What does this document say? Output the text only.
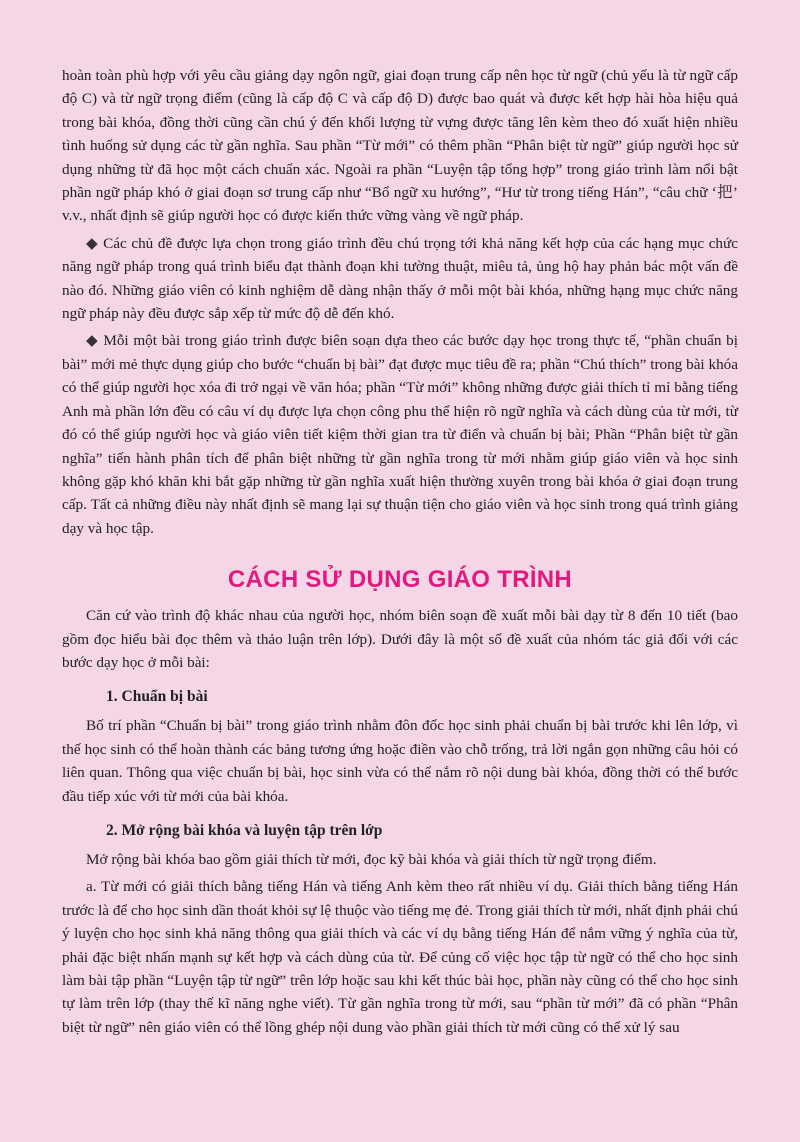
hoàn toàn phù hợp với yêu cầu giảng dạy ngôn ngữ, giai đoạn trung cấp nên học từ ngữ (chủ yếu là từ ngữ cấp độ C) và từ ngữ trọng điểm (cũng là cấp độ C và cấp độ D) được bao quát và được kết hợp hài hòa hiệu quả trong bài khóa, đồng thời cũng cần chú ý đến khối lượng từ vựng được tăng lên kèm theo đó xuất hiện nhiều tình huống sử dụng các từ gần nghĩa. Sau phần “Từ mới” có thêm phần “Phân biệt từ ngữ” giúp người học sử dụng những từ đã học một cách chuẩn xác. Ngoài ra phần “Luyện tập tổng hợp” trong giáo trình làm nổi bật phần ngữ pháp khó ở giai đoạn sơ trung cấp như “Bổ ngữ xu hướng”, “Hư từ trong tiếng Hán”, “câu chữ ‘把’ v.v., nhất định sẽ giúp người học có được kiến thức vững vàng về ngữ pháp.

◆ Các chủ đề được lựa chọn trong giáo trình đều chú trọng tới khả năng kết hợp của các hạng mục chức năng ngữ pháp trong quá trình biểu đạt thành đoạn khi tường thuật, miêu tả, ủng hộ hay phản bác một vấn đề nào đó. Những giáo viên có kinh nghiệm dễ dàng nhận thấy ở mỗi một bài khóa, những hạng mục chức năng ngữ pháp này đều được sắp xếp từ mức độ dễ đến khó.

◆ Mỗi một bài trong giáo trình được biên soạn dựa theo các bước dạy học trong thực tế, “phần chuẩn bị bài” mới mẻ thực dụng giúp cho bước “chuẩn bị bài” đạt được mục tiêu đề ra; phần “Chú thích” trong bài khóa có thể giúp người học xóa đi trở ngại về văn hóa; phần “Từ mới” không những được giải thích tỉ mỉ bằng tiếng Anh mà phần lớn đều có câu ví dụ được lựa chọn công phu thể hiện rõ ngữ nghĩa và cách dùng của từ mới, từ đó có thể giúp người học và giáo viên tiết kiệm thời gian tra từ điển và chuẩn bị bài; Phần “Phân biệt từ gần nghĩa” tiến hành phân tích để phân biệt những từ gần nghĩa trong từ mới nhằm giúp giáo viên và học sinh không gặp khó khăn khi bắt gặp những từ gần nghĩa xuất hiện thường xuyên trong bài khóa ở giai đoạn trung cấp. Tất cả những điều này nhất định sẽ mang lại sự thuận tiện cho giáo viên và học sinh trong quá trình giảng dạy và học tập.

CÁCH SỬ DỤNG GIÁO TRÌNH

Căn cứ vào trình độ khác nhau của người học, nhóm biên soạn đề xuất mỗi bài dạy từ 8 đến 10 tiết (bao gồm đọc hiểu bài đọc thêm và thảo luận trên lớp). Dưới đây là một số đề xuất của nhóm tác giả đối với các bước dạy học ở mỗi bài:

1. Chuẩn bị bài

Bố trí phần “Chuẩn bị bài” trong giáo trình nhằm đôn đốc học sinh phải chuẩn bị bài trước khi lên lớp, vì thế học sinh có thể hoàn thành các bảng tương ứng hoặc điền vào chỗ trống, trả lời ngắn gọn những câu hỏi có liên quan. Thông qua việc chuẩn bị bài, học sinh vừa có thể nắm rõ nội dung bài khóa, đồng thời có thể bước đầu tiếp xúc với từ mới của bài khóa.

2. Mở rộng bài khóa và luyện tập trên lớp

Mở rộng bài khóa bao gồm giải thích từ mới, đọc kỹ bài khóa và giải thích từ ngữ trọng điểm.

a. Từ mới có giải thích bằng tiếng Hán và tiếng Anh kèm theo rất nhiều ví dụ. Giải thích bằng tiếng Hán trước là để cho học sinh dần thoát khỏi sự lệ thuộc vào tiếng mẹ đẻ. Trong giải thích từ mới, nhất định phải chú ý luyện cho học sinh khả năng thông qua giải thích và các ví dụ bằng tiếng Hán để nắm vững ý nghĩa của từ, phải đặc biệt nhấn mạnh sự kết hợp và cách dùng của từ. Để củng cố việc học tập từ ngữ có thể cho học sinh làm bài tập phần “Luyện tập từ ngữ” trên lớp hoặc sau khi kết thúc bài học, phần này cũng có thể cho học sinh tự làm trên lớp (thay thế kĩ năng nghe viết). Từ gần nghĩa trong từ mới, sau “phần từ mới” đã có phần “Phân biệt từ ngữ” nên giáo viên có thể lồng ghép nội dung vào phần giải thích từ mới cũng có thể xử lý sau
